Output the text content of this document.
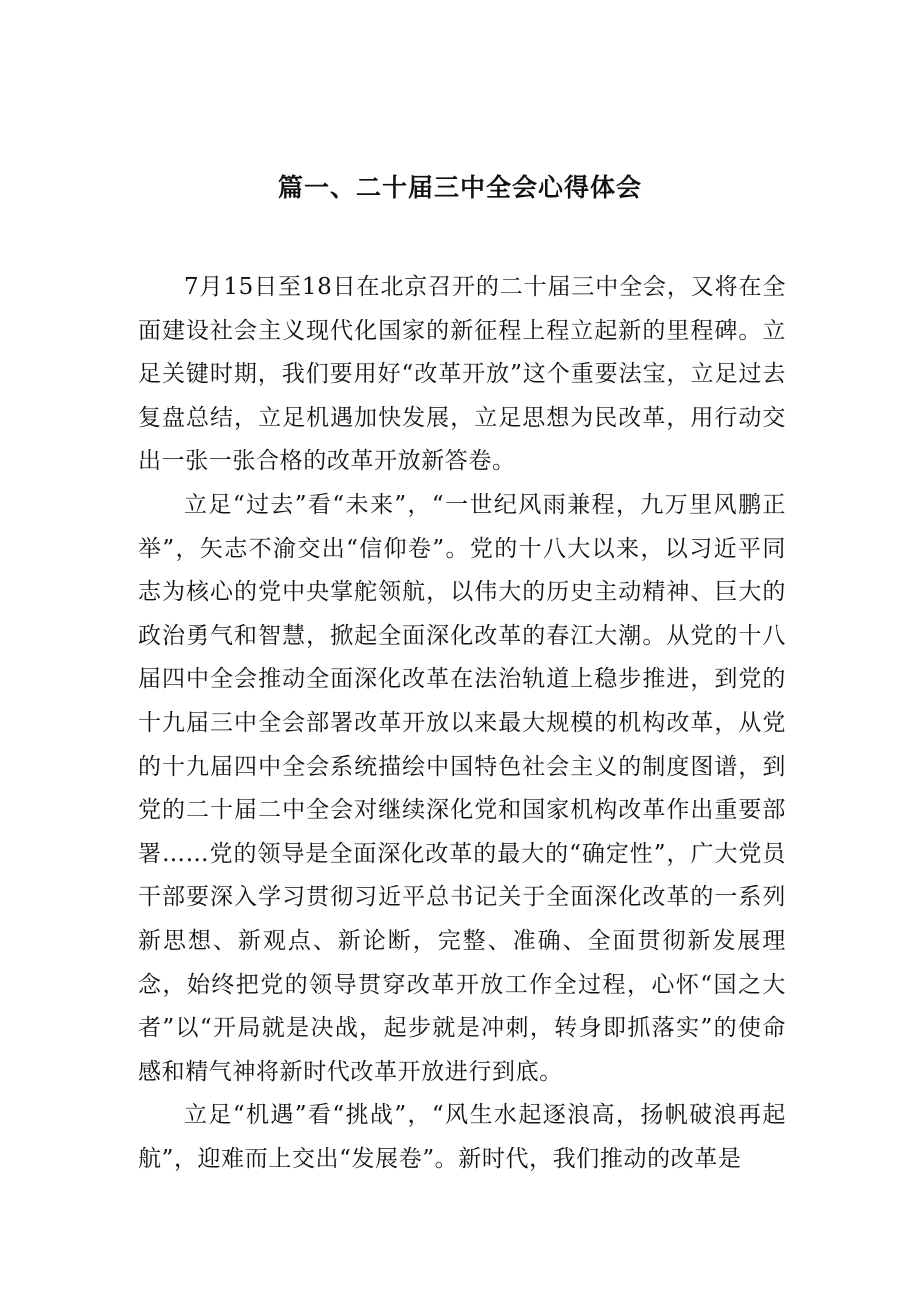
篇一、二十届三中全会心得体会

7月15日至18日在北京召开的二十届三中全会，又将在全面建设社会主义现代化国家的新征程上程立起新的里程碑。立足关键时期，我们要用好“改革开放”这个重要法宝，立足过去复盘总结，立足机遇加快发展，立足思想为民改革，用行动交出一张一张合格的改革开放新答卷。

立足“过去”看“未来”，“一世纪风雨兼程，九万里风鹏正举”，矢志不渝交出“信仰卷”。党的十八大以来，以习近平同志为核心的党中央掌舵领航，以伟大的历史主动精神、巨大的政治勇气和智慧，掀起全面深化改革的春江大潮。从党的十八届四中全会推动全面深化改革在法治轨道上稳步推进，到党的十九届三中全会部署改革开放以来最大规模的机构改革，从党的十九届四中全会系统描绘中国特色社会主义的制度图谱，到党的二十届二中全会对继续深化党和国家机构改革作出重要部署……党的领导是全面深化改革的最大的“确定性”，广大党员干部要深入学习贯彻习近平总书记关于全面深化改革的一系列新思想、新观点、新论断，完整、准确、全面贯彻新发展理念，始终把党的领导贯穿改革开放工作全过程，心怀“国之大者”以“开局就是决战，起步就是冲刺，转身即抓落实”的使命感和精气神将新时代改革开放进行到底。

立足“机遇”看“挑战”，“风生水起逐浪高，扬帆破浪再起航”，迎难而上交出“发展卷”。新时代，我们推动的改革是
